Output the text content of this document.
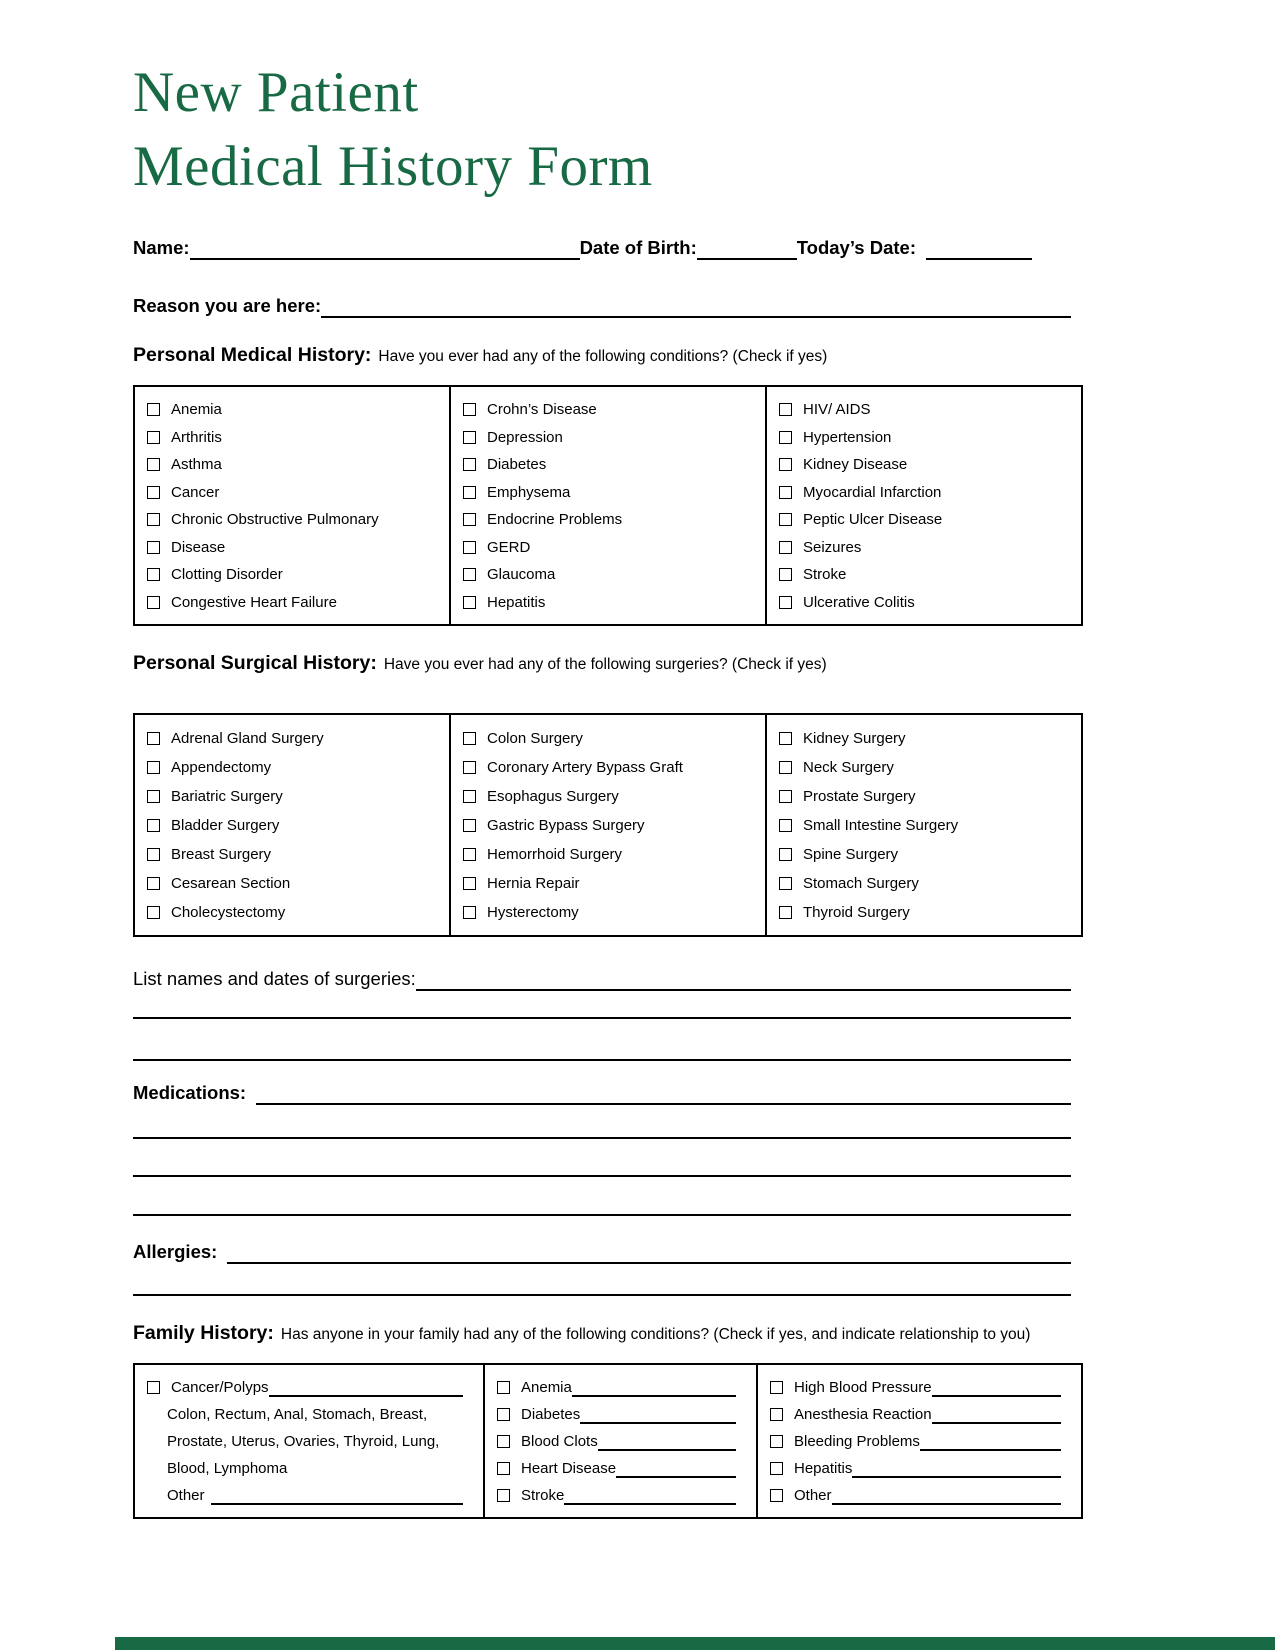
New Patient
Medical History Form
Name:	Date of Birth:	Today’s Date:
Reason you are here:
Personal Medical History: Have you ever had any of the following conditions? (Check if yes)
Anemia
Arthritis
Asthma
Cancer
Chronic Obstructive Pulmonary
Disease
Clotting Disorder
Congestive Heart Failure
Crohn’s Disease
Depression
Diabetes
Emphysema
Endocrine Problems
GERD
Glaucoma
Hepatitis
HIV/ AIDS
Hypertension
Kidney Disease
Myocardial Infarction
Peptic Ulcer Disease
Seizures
Stroke
Ulcerative Colitis
Personal Surgical History: Have you ever had any of the following surgeries? (Check if yes)
Adrenal Gland Surgery
Appendectomy
Bariatric Surgery
Bladder Surgery
Breast Surgery
Cesarean Section
Cholecystectomy
Colon Surgery
Coronary Artery Bypass Graft
Esophagus Surgery
Gastric Bypass Surgery
Hemorrhoid Surgery
Hernia Repair
Hysterectomy
Kidney Surgery
Neck Surgery
Prostate Surgery
Small Intestine Surgery
Spine Surgery
Stomach Surgery
Thyroid Surgery
List names and dates of surgeries:
Medications:
Allergies:
Family History: Has anyone in your family had any of the following conditions? (Check if yes, and indicate relationship to you)
Cancer/Polyps
Colon, Rectum, Anal, Stomach, Breast,
Prostate, Uterus, Ovaries, Thyroid, Lung,
Blood, Lymphoma
Other
Anemia
Diabetes
Blood Clots
Heart Disease
Stroke
High Blood Pressure
Anesthesia Reaction
Bleeding Problems
Hepatitis
Other
